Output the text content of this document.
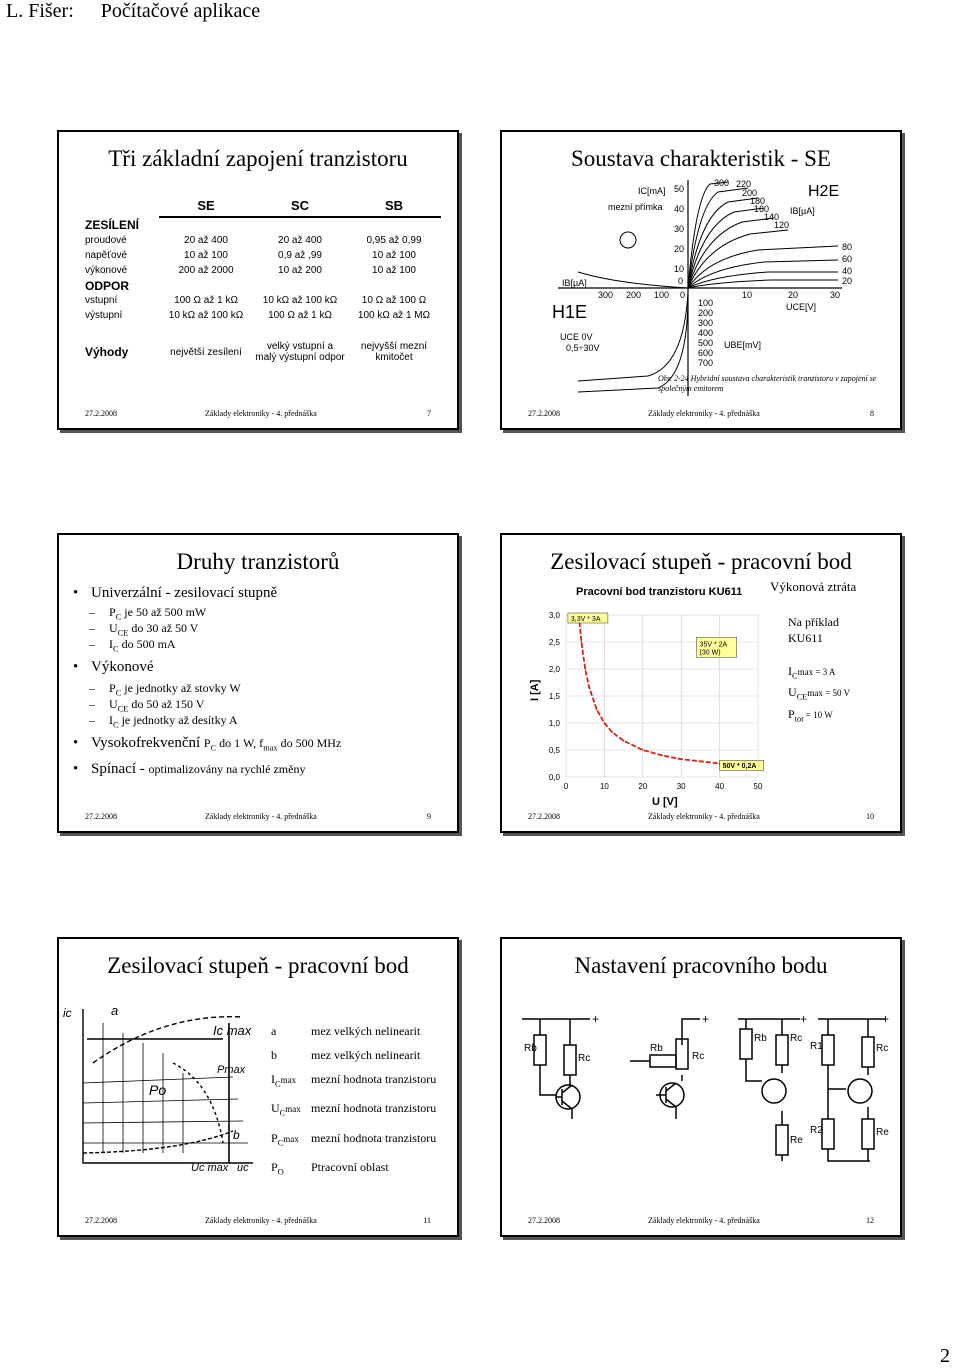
L. Fišer: Počítačové aplikace
Tři základní zapojení tranzistoru
	SE	SC	SB
ZESÍLENÍ			
proudové	20 až 400	20 až 400	0,95 až 0,99
napěťové	10 až 100	0,9 až ,99	10 až 100
výkonové	200 až 2000	10 až 200	10 až 100
ODPOR			
vstupní	100 Ω až 1 kΩ	10 kΩ až 100 kΩ	10 Ω až 100 Ω
výstupní	10 kΩ až 100 kΩ	100 Ω až 1 kΩ	100 kΩ až 1 MΩ
Výhody	největší zesílení	velký vstupní a malý výstupní odpor	nejvyšší mezní kmitočet
27.2.2008	Základy elektroniky - 4. přednáška	7
Soustava charakteristik - SE
300 220
200
180
160
140
120
H2E
IB[µA]
IC[mA]
mezní přímka
50
40
30
20
10
0
80
60
40
20
10	20	30
UCE[V]
300 200 100 0
IB[µA]
H1E	100
200
300
400
500
600
700
UBE[mV]
UCE 0V
0,5÷30V
Obr. 2-24 Hybridní soustava charakteristik tranzistoru v zapojení se společným emitorem
27.2.2008	Základy elektroniky - 4. přednáška	8
Druhy tranzistorů
• Univerzální - zesilovací stupně
– $P_C$ je 50 až 500 mW
– $U_{CE}$ do 30 až 50 V
– $I_C$ do 500 mA
• Výkonové
– $P_C$ je jednotky až stovky W
– $U_{CE}$ do 50 až 150 V
– $I_C$ je jednotky až desítky A
• Vysokofrekvenční $P_C$ do 1 W, $f_{max}$ do 500 MHz
• Spínací - optimalizovány na rychlé změny
27.2.2008	Základy elektroniky - 4. přednáška	9
Zesilovací stupeň - pracovní bod
Pracovní bod tranzistoru KU611
U [V]
I [A]
0,0
0,5
1,0
1,5
2,0
2,5
3,0
0	10	20	30	40	50
3,3V * 3A
50V * 0,2A
35V * 2A
(30 W)
Výkonová ztráta
Na příklad
KU611
$I_C\max = 3$ A
$U_{CE}\max = 50$ V
$P_{tot} = 10$ W
27.2.2008	Základy elektroniky - 4. přednáška	10
Zesilovací stupeň - pracovní bod
ic	a
Ic max
Pmax
Po
b
Uc max uc
a	mez velkých nelinearit
b	mez velkých nelinearit
$I_C\max$ mezní hodnota tranzistoru
$U_C\max$ mezní hodnota tranzistoru
$P_C\max$ mezní hodnota tranzistoru
$P_O$ Ptracovní oblast
27.2.2008	Základy elektroniky - 4. přednáška	11
Nastavení pracovního bodu
Rb
Rc
+
Rb
Rc
+
Rb Rc
Re
+
R1
R2
Rc
Re
+
27.2.2008	Základy elektroniky - 4. přednáška	12
2
